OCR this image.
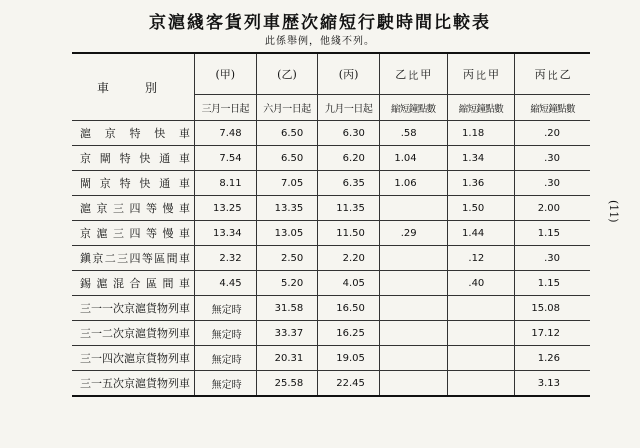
京滬綫客貨列車歴次縮短行駛時間比較表
此係舉例，他綫不列。
(11)
車　別	(甲)	(乙)	(丙)	乙 比 甲	丙 比 甲	丙 比 乙

	三月一日起	六月一日起	九月一日起	縮短鐘點數	縮短鐘點數	縮短鐘點數
滬京特快車	7.48	6.50	6.30	.58	1.18	.20
京閘特快通車	7.54	6.50	6.20	1.04	1.34	.30
閘京特快通車	8.11	7.05	6.35	1.06	1.36	.30
滬京三四等慢車	13.25	13.35	11.35		1.50	2.00
京滬三四等慢車	13.34	13.05	11.50	.29	1.44	1.15
鎭京二三四等區間車	2.32	2.50	2.20		.12	.30
錫滬混合區間車	4.45	5.20	4.05		.40	1.15
三一一次京滬貨物列車	無定時	31.58	16.50			15.08
三一二次京滬貨物列車	無定時	33.37	16.25			17.12
三一四次滬京貨物列車	無定時	20.31	19.05			1.26
三一五次京滬貨物列車	無定時	25.58	22.45			3.13
